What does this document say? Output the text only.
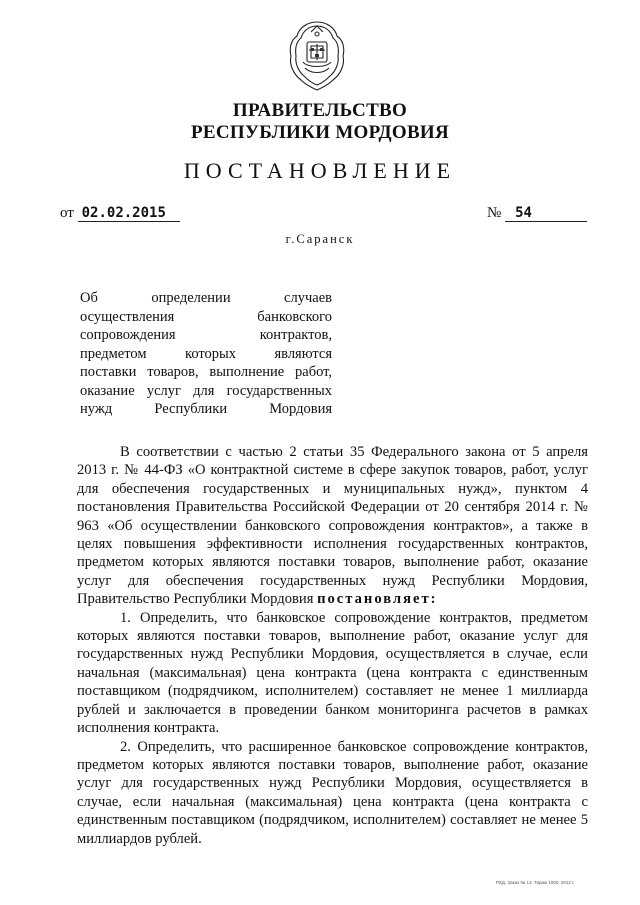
ПРАВИТЕЛЬСТВО
РЕСПУБЛИКИ МОРДОВИЯ
ПОСТАНОВЛЕНИЕ
от 02.02.2015	№ 54
г.Саранск
Об	определении	случаев
осуществления	банковского
сопровождения	контрактов,
предметом	которых	являются
поставки товаров, выполнение работ,
оказание услуг для государственных
нужд	Республики	Мордовия

В соответствии с частью 2 статьи 35 Федерального закона от 5 апреля 2013 г. № 44-ФЗ «О контрактной системе в сфере закупок товаров, работ, услуг для обеспечения государственных и муниципальных нужд», пунктом 4 постановления Правительства Российской Федерации от 20 сентября 2014 г. № 963 «Об осуществлении банковского сопровождения контрактов», а также в целях повышения эффективности исполнения государственных контрактов, предметом которых являются поставки товаров, выполнение работ, оказание услуг для обеспечения государственных нужд Республики Мордовия, Правительство Республики Мордовия постановляет:

1. Определить, что банковское сопровождение контрактов, предметом которых являются поставки товаров, выполнение работ, оказание услуг для государственных нужд Республики Мордовия, осуществляется в случае, если начальная (максимальная) цена контракта (цена контракта с единственным поставщиком (подрядчиком, исполнителем) составляет не менее 1 миллиарда рублей и заключается в проведении банком мониторинга расчетов в рамках исполнения контракта.

2. Определить, что расширенное банковское сопровождение контрактов, предметом которых являются поставки товаров, выполнение работ, оказание услуг для государственных нужд Республики Мордовия, осуществляется в случае, если начальная (максимальная) цена контракта (цена контракта с единственным поставщиком (подрядчиком, исполнителем) составляет не менее 5 миллиардов рублей.

РХД. Заказ № 13. Тираж 1000. 2012 г.
